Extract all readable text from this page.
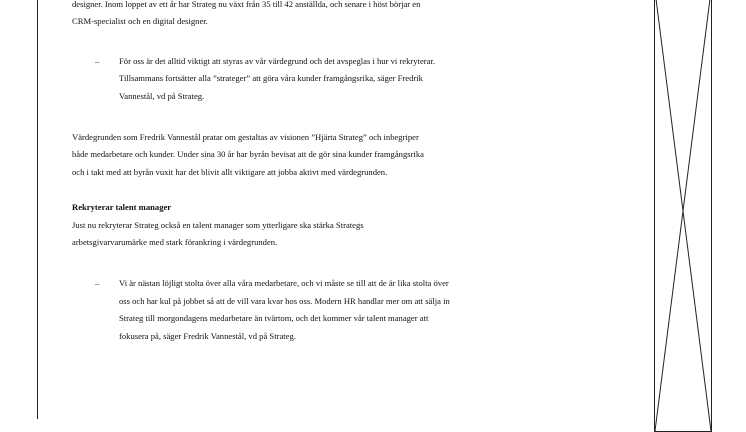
designer. Inom loppet av ett år har Strateg nu växt från 35 till 42 anställda, och senare i höst börjar en
CRM-specialist och en digital designer.
– För oss är det alltid viktigt att styras av vår värdegrund och det avspeglas i hur vi rekryterar.
Tillsammans fortsätter alla ”strateger” att göra våra kunder framgångsrika, säger Fredrik
Vannestål, vd på Strateg.
Värdegrunden som Fredrik Vannestål pratar om gestaltas av visionen ”Hjärta Strateg” och inbegriper
både medarbetare och kunder. Under sina 30 år har byrån bevisat att de gör sina kunder framgångsrika
och i takt med att byrån vuxit har det blivit allt viktigare att jobba aktivt med värdegrunden.
Rekryterar talent manager
Just nu rekryterar Strateg också en talent manager som ytterligare ska stärka Strategs
arbetsgivarvarumärke med stark förankring i värdegrunden.
– Vi är nästan löjligt stolta över alla våra medarbetare, och vi måste se till att de är lika stolta över
oss och har kul på jobbet så att de vill vara kvar hos oss. Modern HR handlar mer om att sälja in
Strateg till morgondagens medarbetare än tvärtom, och det kommer vår talent manager att
fokusera på, säger Fredrik Vannestål, vd på Strateg.
